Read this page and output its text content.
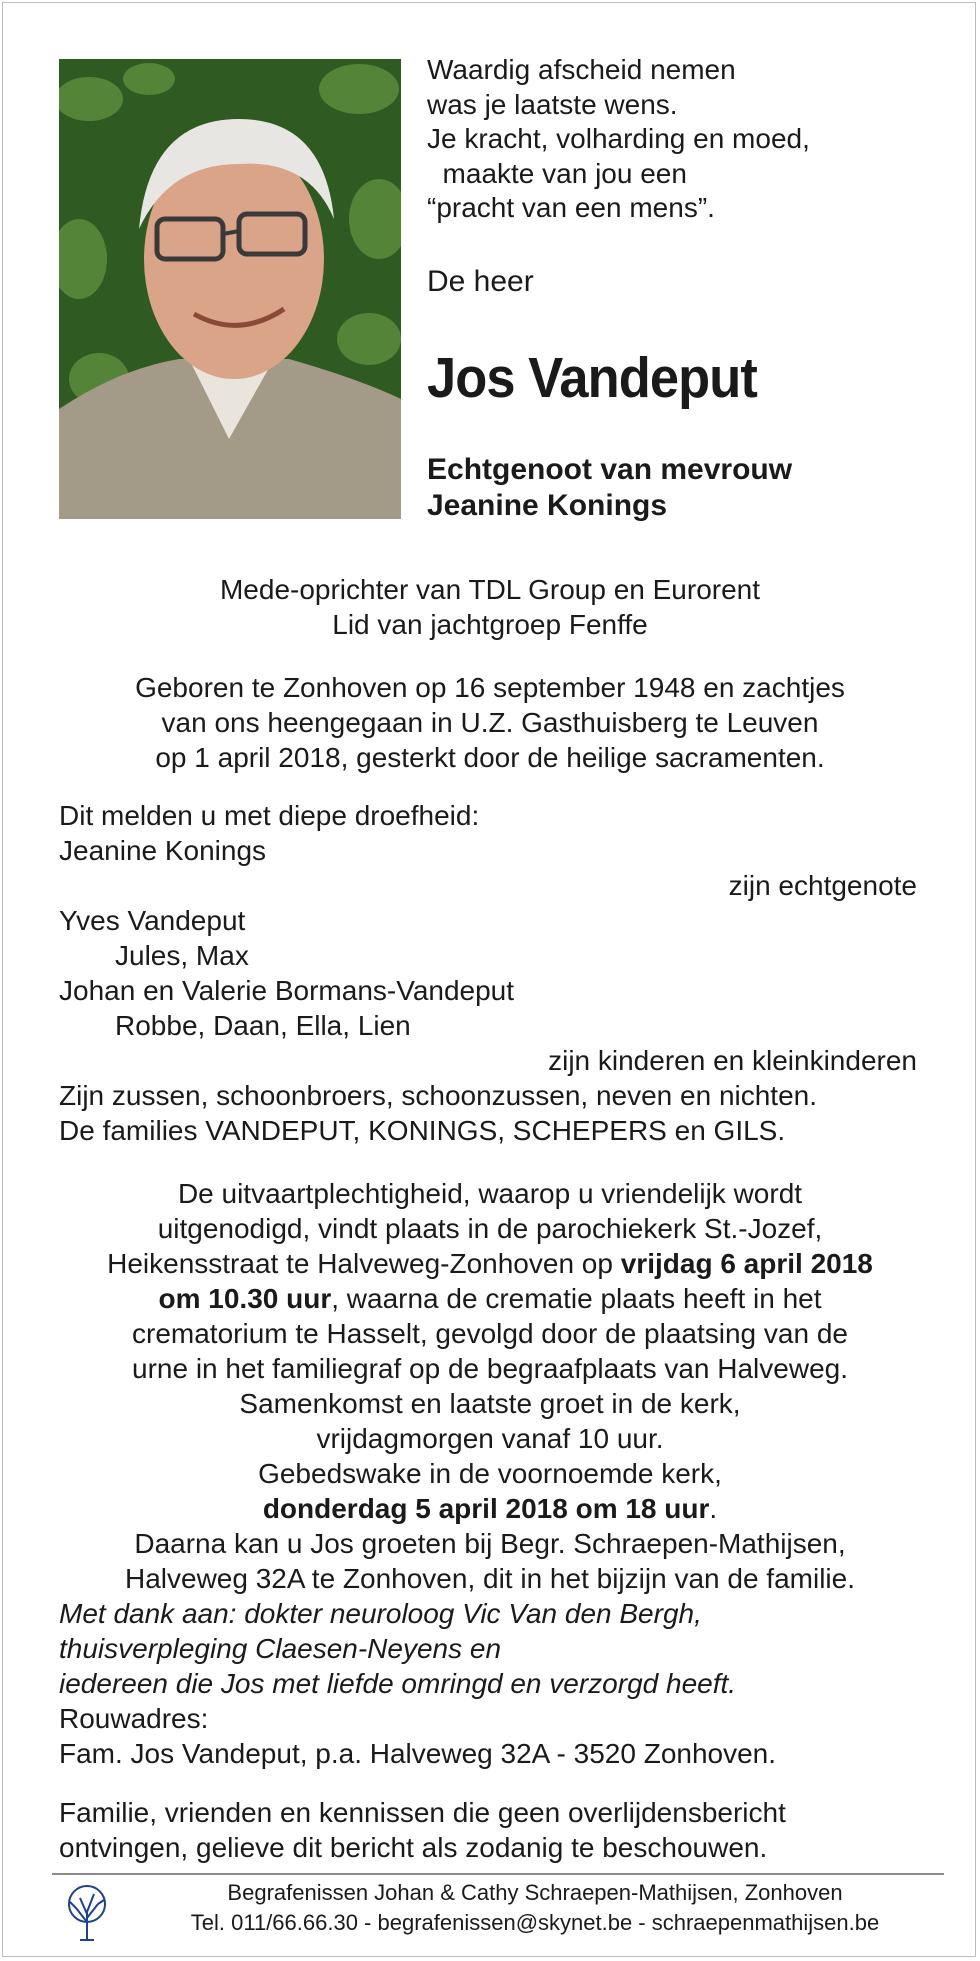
Waardig afscheid nemen
was je laatste wens.
Je kracht, volharding en moed,
maakte van jou een
“pracht van een mens”.
De heer
Jos Vandeput
Echtgenoot van mevrouw
Jeanine Konings
Mede-oprichter van TDL Group en Eurorent
Lid van jachtgroep Fenffe
Geboren te Zonhoven op 16 september 1948 en zachtjes
van ons heengegaan in U.Z. Gasthuisberg te Leuven
op 1 april 2018, gesterkt door de heilige sacramenten.
Dit melden u met diepe droefheid:
Jeanine Konings
Yves Vandeput
Jules, Max
Johan en Valerie Bormans-Vandeput
Robbe, Daan, Ella, Lien
Zijn zussen, schoonbroers, schoonzussen, neven en nichten.
De families VANDEPUT, KONINGS, SCHEPERS en GILS.
zijn echtgenote
zijn kinderen en kleinkinderen
De uitvaartplechtigheid, waarop u vriendelijk wordt
uitgenodigd, vindt plaats in de parochiekerk St.-Jozef,
Heikensstraat te Halveweg-Zonhoven op vrijdag 6 april 2018
om 10.30 uur, waarna de crematie plaats heeft in het
crematorium te Hasselt, gevolgd door de plaatsing van de
urne in het familiegraf op de begraafplaats van Halveweg.
Samenkomst en laatste groet in de kerk,
vrijdagmorgen vanaf 10 uur.
Gebedswake in de voornoemde kerk,
donderdag 5 april 2018 om 18 uur.
Daarna kan u Jos groeten bij Begr. Schraepen-Mathijsen,
Halveweg 32A te Zonhoven, dit in het bijzijn van de familie.
Met dank aan: dokter neuroloog Vic Van den Bergh,
thuisverpleging Claesen-Neyens en
iedereen die Jos met liefde omringd en verzorgd heeft.
Rouwadres:
Fam. Jos Vandeput, p.a. Halveweg 32A - 3520 Zonhoven.
Familie, vrienden en kennissen die geen overlijdensbericht
ontvingen, gelieve dit bericht als zodanig te beschouwen.
Begrafenissen Johan & Cathy Schraepen-Mathijsen, Zonhoven
Tel. 011/66.66.30 - begrafenissen@skynet.be - schraepenmathijsen.be
